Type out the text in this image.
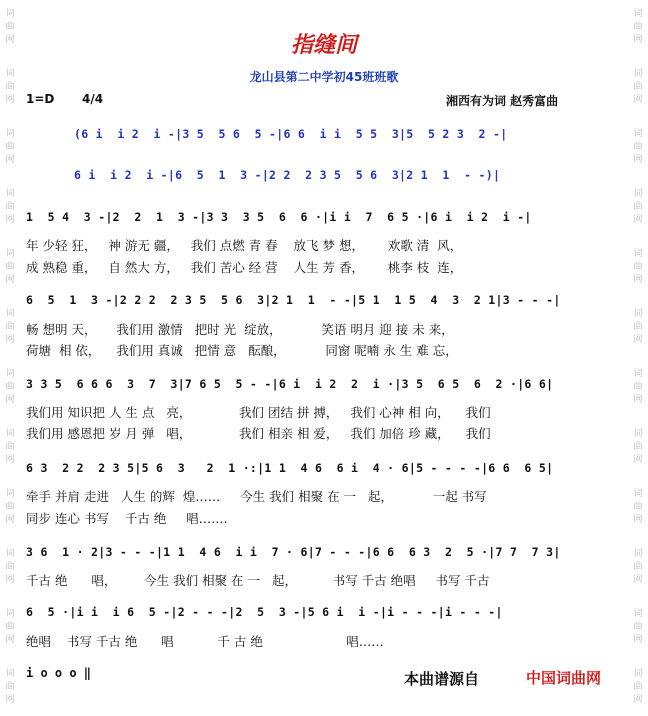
词
曲
网
词
曲
网
词
曲
网
词
曲
网
词
曲
网
词
曲
网
词
曲
网
词
曲
网
词
曲
网
词
曲
网
词
曲
网
词
曲
网
词
曲
网
词
曲
网
词
曲
网
词
曲
网
词
曲
网
词
曲
网
词
曲
网
词
曲
网
词
曲
网
词
曲
网
词
曲
网
词
曲
网
指缝间
龙山县第二中学初45班班歌
1=D 4/4	湘西有为词 赵秀富曲
(6 i  i 2  i -|3 5  5 6  5 -|6 6  i i  5 5  3|5  5 2 3  2 -|
6 i  i 2  i -|6  5  1  3 -|2 2  2 3 5  5 6  3|2 1  1  - -)|
1  5 4  3 -|2  2  1  3 -|3 3  3 5  6  6 ·|i i  7  6 5 ·|6 i  i 2  i -|
年 少轻 狂，   神 游无 疆，   我们 点燃 青 春    放飞 梦 想，      欢歌 清  风，
成 熟稳 重，   自 然大 方，   我们 苦心 经 营    人生 芳 香，      桃李 枝  连，
6  5  1  3 -|2 2 2  2 3 5  5 6  3|2 1  1  - -|5 1  1 5  4  3  2 1|3 - - -|
畅 想明 天，     我们用 激情   把时 光  绽放，          笑语 明月 迎 接 未 来，
荷塘  相 依，    我们用 真诚   把情 意   酝酿，          同窗 呢喃 永 生 难 忘，
3 3 5  6 6 6  3  7  3|7 6 5  5 - -|6 i  i 2  2  i ·|3 5  6 5  6  2 ·|6 6|
我们用 知识把 人 生 点   亮，            我们 团结 拼 搏，   我们 心神 相 向，    我们
我们用 感恩把 岁 月 弹   唱，            我们 相亲 相 爱，   我们 加倍 珍 藏，    我们
6 3  2 2  2 3 5|5 6  3   2  1 ·:|1 1  4 6  6 i  4 · 6|5 - - - -|6 6  6 5|
牵手 并肩 走进   人生 的辉  煌……     今生 我们 相聚 在 一   起，          一起 书写
同步 连心 书写    千古 绝     唱…….
3 6  1 · 2|3 - - -|1 1  4 6  i i  7 · 6|7 - - -|6 6  6 3  2  5 ·|7 7  7 3|
千古 绝      唱，       今生 我们 相聚 在 一   起，         书写 千古 绝唱     书写 千古
6  5 ·|i i  i 6  5 -|2 - - -|2  5  3 -|5 6 i  i -|i - - -|i - - -|
绝唱    书写 千古 绝      唱           千 古 绝                     唱……
i o o o ‖	本曲谱源自	中国词曲网
